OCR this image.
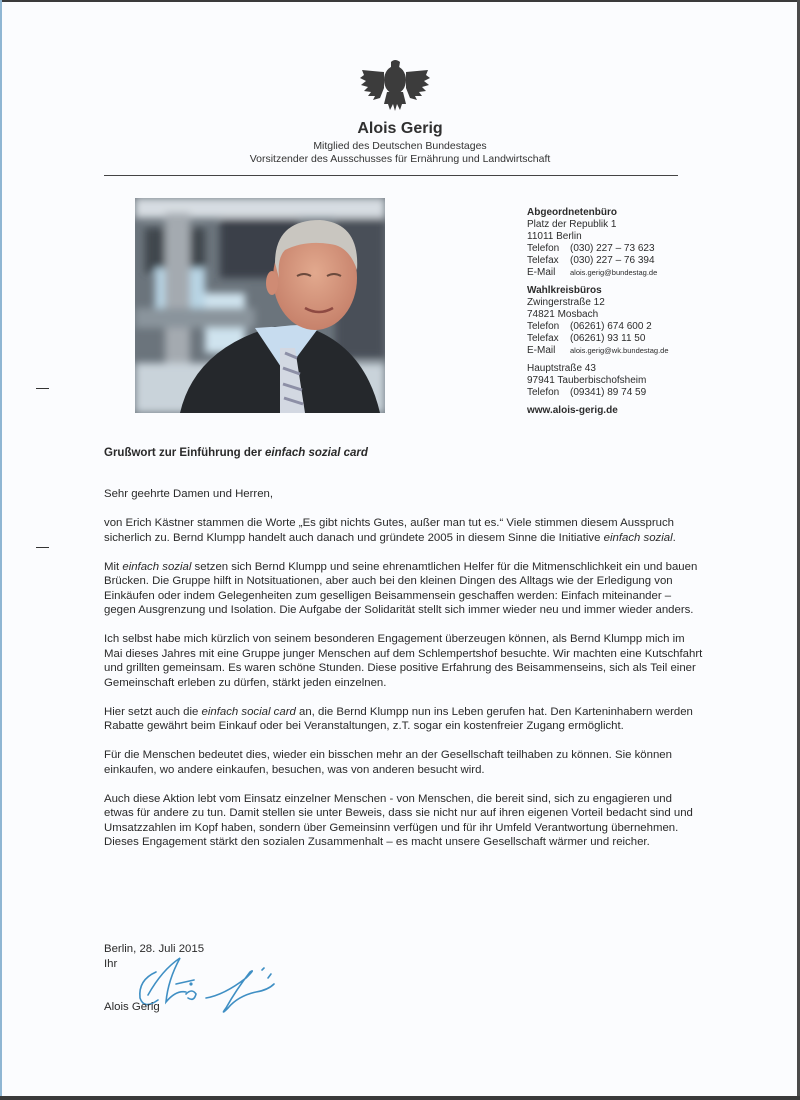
Alois Gerig
Mitglied des Deutschen Bundestages
Vorsitzender des Ausschusses für Ernährung und Landwirtschaft
Abgeordnetenbüro
Platz der Republik 1
11011 Berlin
Telefon	(030) 227 – 73 623
Telefax	(030) 227 – 76 394
E-Mail	alois.gerig@bundestag.de
Wahlkreisbüros
Zwingerstraße 12
74821 Mosbach
Telefon	(06261) 674 600 2
Telefax	(06261) 93 11 50
E-Mail	alois.gerig@wk.bundestag.de
Hauptstraße 43
97941 Tauberbischofsheim
Telefon	(09341) 89 74 59
www.alois-gerig.de
Grußwort zur Einführung der einfach sozial card

Sehr geehrte Damen und Herren,

von Erich Kästner stammen die Worte „Es gibt nichts Gutes, außer man tut es.“ Viele stimmen diesem Ausspruch sicherlich zu. Bernd Klumpp handelt auch danach und gründete 2005 in diesem Sinne die Initiative einfach sozial.

Mit einfach sozial setzen sich Bernd Klumpp und seine ehrenamtlichen Helfer für die Mitmenschlichkeit ein und bauen Brücken. Die Gruppe hilft in Notsituationen, aber auch bei den kleinen Dingen des Alltags wie der Erledigung von Einkäufen oder indem Gelegenheiten zum geselligen Beisammensein geschaffen werden: Einfach miteinander – gegen Ausgrenzung und Isolation. Die Aufgabe der Solidarität stellt sich immer wieder neu und immer wieder anders.

Ich selbst habe mich kürzlich von seinem besonderen Engagement überzeugen können, als Bernd Klumpp mich im Mai dieses Jahres mit eine Gruppe junger Menschen auf dem Schlempertshof besuchte. Wir machten eine Kutschfahrt und grillten gemeinsam. Es waren schöne Stunden. Diese positive Erfahrung des Beisammenseins, sich als Teil einer Gemeinschaft erleben zu dürfen, stärkt jeden einzelnen.

Hier setzt auch die einfach social card an, die Bernd Klumpp nun ins Leben gerufen hat. Den Karteninhabern werden Rabatte gewährt beim Einkauf oder bei Veranstaltungen, z.T. sogar ein kostenfreier Zugang ermöglicht.

Für die Menschen bedeutet dies, wieder ein bisschen mehr an der Gesellschaft teilhaben zu können. Sie können einkaufen, wo andere einkaufen, besuchen, was von anderen besucht wird.

Auch diese Aktion lebt vom Einsatz einzelner Menschen - von Menschen, die bereit sind, sich zu engagieren und etwas für andere zu tun. Damit stellen sie unter Beweis, dass sie nicht nur auf ihren eigenen Vorteil bedacht sind und Umsatzzahlen im Kopf haben, sondern über Gemeinsinn verfügen und für ihr Umfeld Verantwortung übernehmen. Dieses Engagement stärkt den sozialen Zusammenhalt – es macht unsere Gesellschaft wärmer und reicher.

Berlin, 28. Juli 2015
Ihr
Alois Gerig
